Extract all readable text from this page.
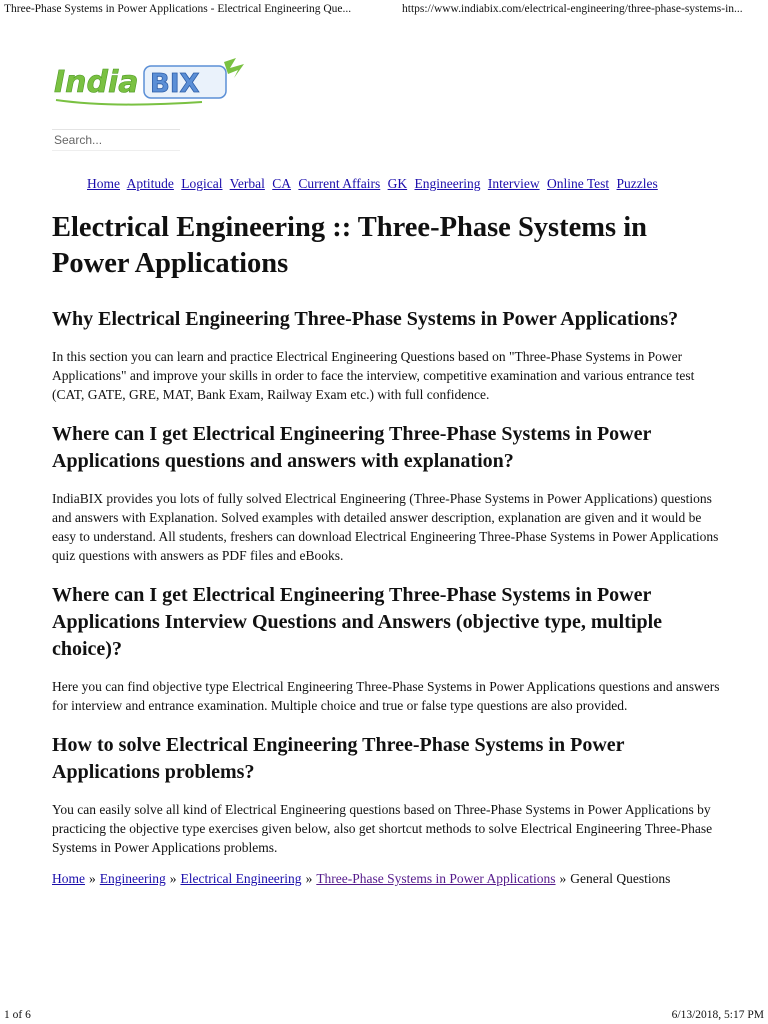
Three-Phase Systems in Power Applications - Electrical Engineering Que...	https://www.indiabix.com/electrical-engineering/three-phase-systems-in...
India BIX
Search...
Home Aptitude Logical Verbal CA Current Affairs GK Engineering Interview Online Test Puzzles
Electrical Engineering :: Three-Phase Systems in Power Applications
Why Electrical Engineering Three-Phase Systems in Power Applications?

In this section you can learn and practice Electrical Engineering Questions based on "Three-Phase Systems in Power Applications" and improve your skills in order to face the interview, competitive examination and various entrance test (CAT, GATE, GRE, MAT, Bank Exam, Railway Exam etc.) with full confidence.

Where can I get Electrical Engineering Three-Phase Systems in Power Applications questions and answers with explanation?

IndiaBIX provides you lots of fully solved Electrical Engineering (Three-Phase Systems in Power Applications) questions and answers with Explanation. Solved examples with detailed answer description, explanation are given and it would be easy to understand. All students, freshers can download Electrical Engineering Three-Phase Systems in Power Applications quiz questions with answers as PDF files and eBooks.

Where can I get Electrical Engineering Three-Phase Systems in Power Applications Interview Questions and Answers (objective type, multiple choice)?

Here you can find objective type Electrical Engineering Three-Phase Systems in Power Applications questions and answers for interview and entrance examination. Multiple choice and true or false type questions are also provided.

How to solve Electrical Engineering Three-Phase Systems in Power Applications problems?

You can easily solve all kind of Electrical Engineering questions based on Three-Phase Systems in Power Applications by practicing the objective type exercises given below, also get shortcut methods to solve Electrical Engineering Three-Phase Systems in Power Applications problems.

Home » Engineering » Electrical Engineering » Three-Phase Systems in Power Applications » General Questions
1 of 6	6/13/2018, 5:17 PM
